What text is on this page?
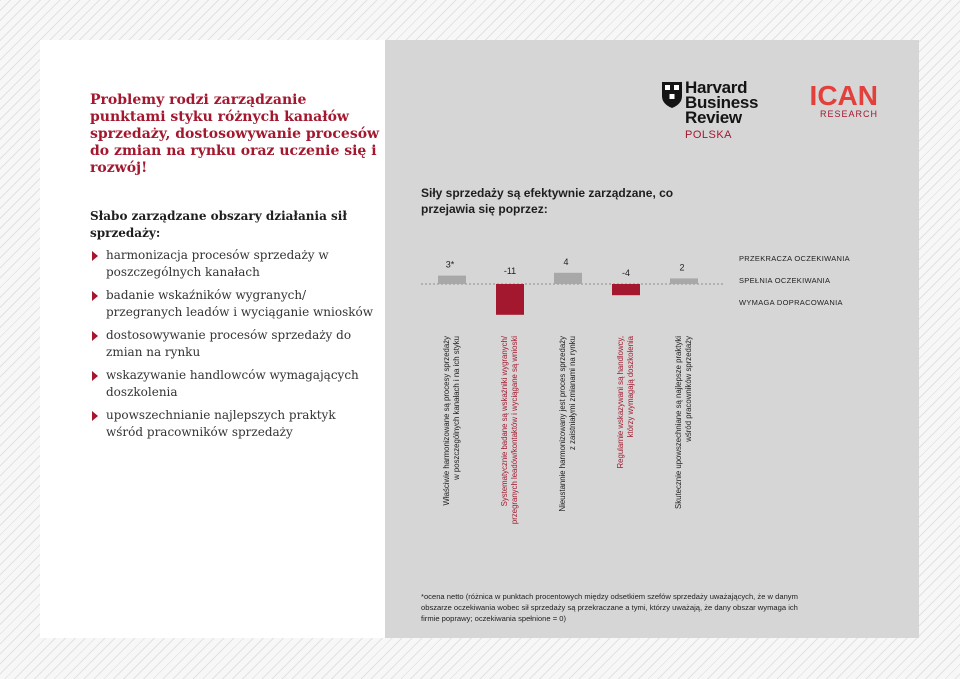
Problemy rodzi zarządzanie punktami styku różnych kanałów sprzedaży, dostosowywanie procesów do zmian na rynku oraz uczenie się i rozwój!

Słabo zarządzane obszary działania sił sprzedaży:

harmonizacja procesów sprzedaży w poszczególnych kanałach
badanie wskaźników wygranych/ przegranych leadów i wyciąganie wniosków
dostosowywanie procesów sprzedaży do zmian na rynku
wskazywanie handlowców wymagających doszkolenia
upowszechnianie najlepszych praktyk wśród pracowników sprzedaży
Harvard
Business
Review
POLSKA
ICAN
RESEARCH

Siły sprzedaży są efektywnie zarządzane, co przejawia się poprzez:

3*
Właściwie harmonizowane są procesy sprzedażyw poszczególnych kanałach i na ich styku
-11
Systematycznie badane są wskaźniki wygranych/przegranych leadów/kontaktów i wyciągane są wnioski
4
Nieustannie harmonizowany jest proces sprzedażyz zaistniałymi zmianami na rynku
-4
Regularnie wskazywani są handlowcy,którzy wymagają doszkolenia
2
Skutecznie upowszechniane są najlepsze praktykiwśród pracowników sprzedaży
PRZEKRACZA OCZEKIWANIA
SPEŁNIA OCZEKIWANIA
WYMAGA DOPRACOWANIA

*ocena netto (różnica w punktach procentowych między odsetkiem szefów sprzedaży uważających, że w danym obszarze oczekiwania wobec sił sprzedaży są przekraczane a tymi, którzy uważają, że dany obszar wymaga ich firmie poprawy; oczekiwania spełnione = 0)
